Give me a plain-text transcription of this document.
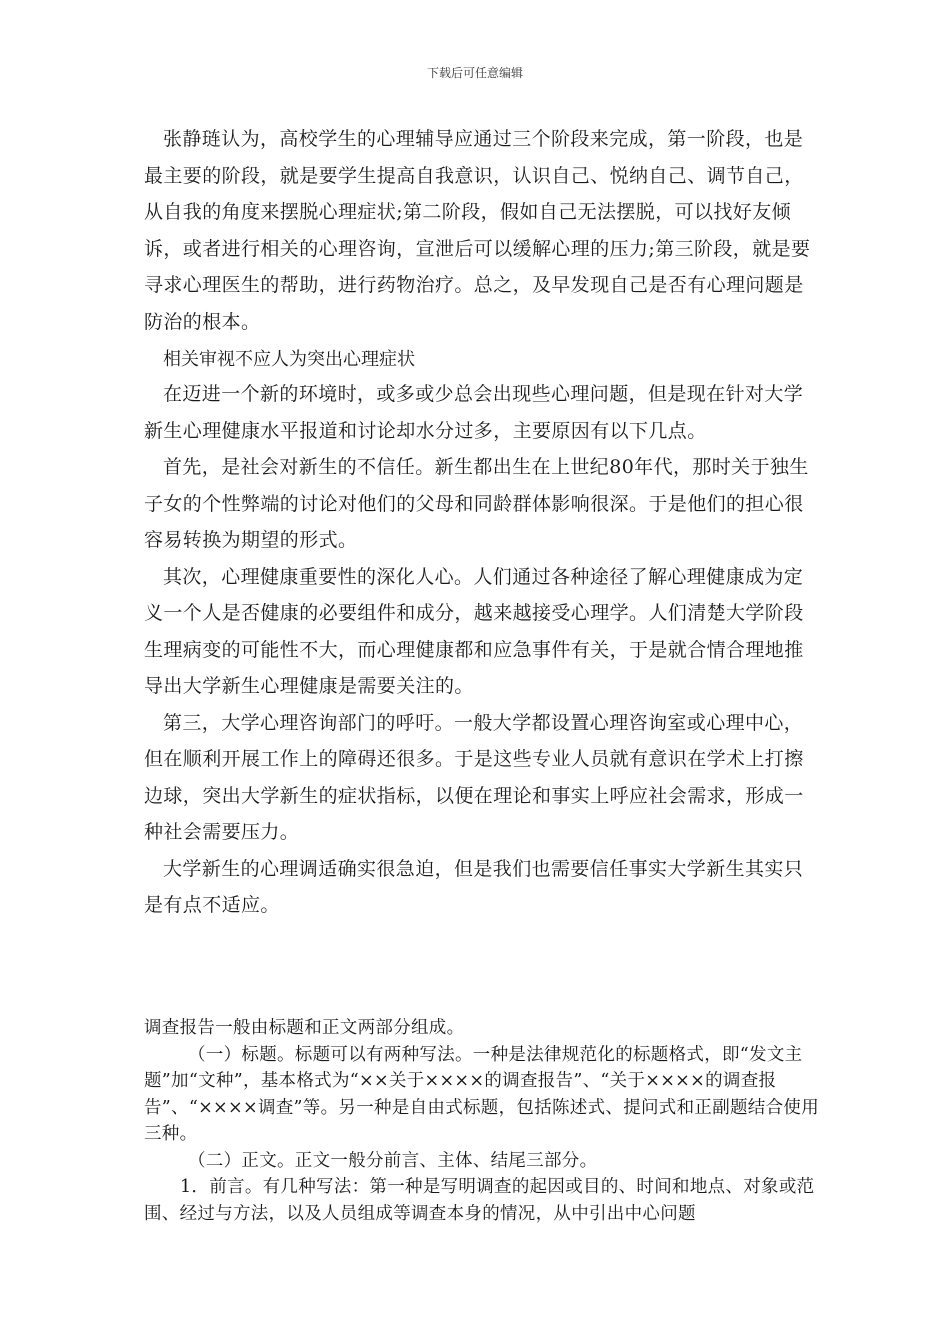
下载后可任意编辑

张静琏认为，高校学生的心理辅导应通过三个阶段来完成，第一阶段，也是最主要的阶段，就是要学生提高自我意识，认识自己、悦纳自己、调节自己，从自我的角度来摆脱心理症状;第二阶段，假如自己无法摆脱，可以找好友倾诉，或者进行相关的心理咨询，宣泄后可以缓解心理的压力;第三阶段，就是要寻求心理医生的帮助，进行药物治疗。总之，及早发现自己是否有心理问题是防治的根本。

相关审视不应人为突出心理症状

在迈进一个新的环境时，或多或少总会出现些心理问题，但是现在针对大学新生心理健康水平报道和讨论却水分过多，主要原因有以下几点。

首先，是社会对新生的不信任。新生都出生在上世纪80年代，那时关于独生子女的个性弊端的讨论对他们的父母和同龄群体影响很深。于是他们的担心很容易转换为期望的形式。

其次，心理健康重要性的深化人心。人们通过各种途径了解心理健康成为定义一个人是否健康的必要组件和成分，越来越接受心理学。人们清楚大学阶段生理病变的可能性不大，而心理健康都和应急事件有关，于是就合情合理地推导出大学新生心理健康是需要关注的。

第三，大学心理咨询部门的呼吁。一般大学都设置心理咨询室或心理中心，但在顺利开展工作上的障碍还很多。于是这些专业人员就有意识在学术上打擦边球，突出大学新生的症状指标，以便在理论和事实上呼应社会需求，形成一种社会需要压力。

大学新生的心理调适确实很急迫，但是我们也需要信任事实大学新生其实只是有点不适应。

调查报告一般由标题和正文两部分组成。

（一）标题。标题可以有两种写法。一种是法律规范化的标题格式，即“发文主题”加“文种”，基本格式为“××关于××××的调查报告”、“关于××××的调查报告”、“××××调查”等。另一种是自由式标题，包括陈述式、提问式和正副题结合使用三种。

（二）正文。正文一般分前言、主体、结尾三部分。

1．前言。有几种写法：第一种是写明调查的起因或目的、时间和地点、对象或范围、经过与方法，以及人员组成等调查本身的情况，从中引出中心问题
